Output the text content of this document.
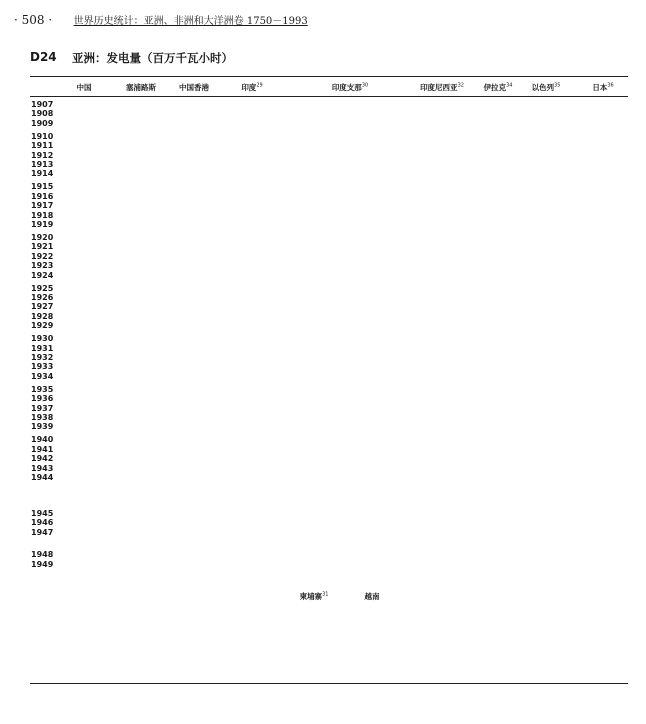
· 508 · 世界历史统计：亚洲、非洲和大洋洲卷 1750－1993
D24 亚洲：发电量（百万千瓦小时）
中国	塞浦路斯	中国香港	印度$^{29}$	印度支那$^{30}$	印度尼西亚$^{32}$	伊拉克$^{34}$	以色列$^{35}$	日本$^{36}$
柬埔寨$^{31}$	越南
1907
1908
1909
1910
1911
1912
1913
1914
1915
1916
1917
1918
1919
1920
1921
1922
1923
1924
1925
1926
1927
1928
1929
1930
1931
1932
1933
1934
1935
1936
1937
1938
1939
1940
1941
1942
1943
1944
1945
1946
1947
1948
1949
